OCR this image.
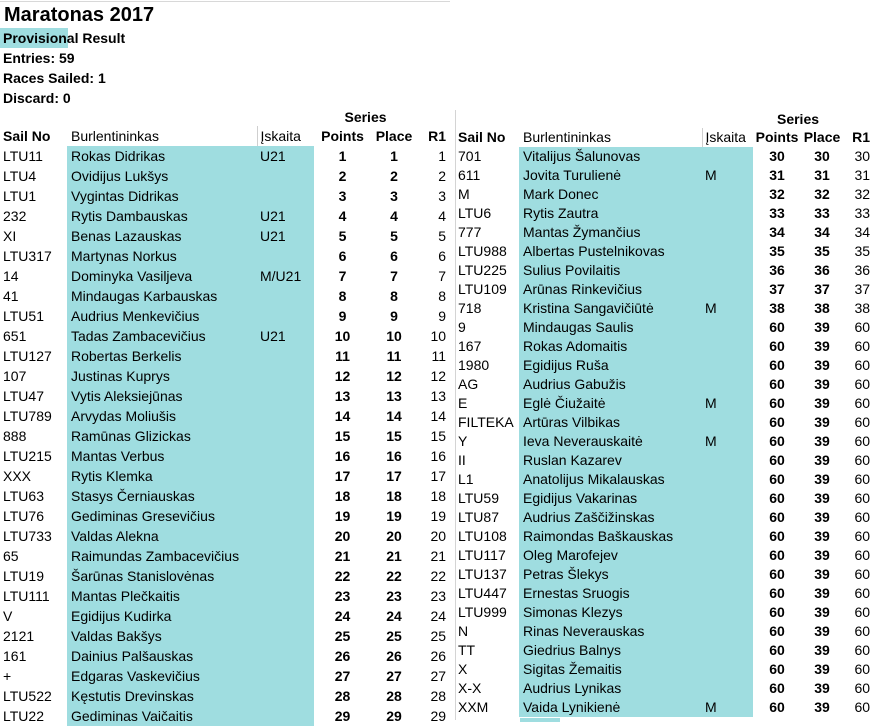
Maratonas 2017
Provisional Result
Entries: 59
Races Sailed: 1
Discard: 0
			Series		
Sail No	Burlentininkas	Įskaita	Points	Place	R1
LTU11	Rokas Didrikas	U21	1	1	1
LTU4	Ovidijus Lukšys		2	2	2
LTU1	Vygintas Didrikas		3	3	3
232	Rytis Dambauskas	U21	4	4	4
XI	Benas Lazauskas	U21	5	5	5
LTU317	Martynas Norkus		6	6	6
14	Dominyka Vasiljeva	M/U21	7	7	7
41	Mindaugas Karbauskas		8	8	8
LTU51	Audrius Menkevičius		9	9	9
651	Tadas Zambacevičius	U21	10	10	10
LTU127	Robertas Berkelis		11	11	11
107	Justinas Kuprys		12	12	12
LTU47	Vytis Aleksiejūnas		13	13	13
LTU789	Arvydas Moliušis		14	14	14
888	Ramūnas Glizickas		15	15	15
LTU215	Mantas Verbus		16	16	16
XXX	Rytis Klemka		17	17	17
LTU63	Stasys Černiauskas		18	18	18
LTU76	Gediminas Gresevičius		19	19	19
LTU733	Valdas Alekna		20	20	20
65	Raimundas Zambacevičius		21	21	21
LTU19	Šarūnas Stanislovėnas		22	22	22
LTU111	Mantas Plečkaitis		23	23	23
V	Egidijus Kudirka		24	24	24
2121	Valdas Bakšys		25	25	25
161	Dainius Palšauskas		26	26	26
+	Edgaras Vaskevičius		27	27	27
LTU522	Kęstutis Drevinskas		28	28	28
LTU22	Gediminas Vaičaitis		29	29	29
			Series		
Sail No	Burlentininkas	Įskaita	Points	Place	R1
701	Vitalijus Šalunovas		30	30	30
611	Jovita Turulienė	M	31	31	31
M	Mark Donec		32	32	32
LTU6	Rytis Zautra		33	33	33
777	Mantas Žymančius		34	34	34
LTU988	Albertas Pustelnikovas		35	35	35
LTU225	Sulius Povilaitis		36	36	36
LTU109	Arūnas Rinkevičius		37	37	37
718	Kristina Sangavičiūtė	M	38	38	38
9	Mindaugas Saulis		60	39	60
167	Rokas Adomaitis		60	39	60
1980	Egidijus Ruša		60	39	60
AG	Audrius Gabužis		60	39	60
E	Eglė Čiužaitė	M	60	39	60
FILTEKA	Artūras Vilbikas		60	39	60
Y	Ieva Neverauskaitė	M	60	39	60
II	Ruslan Kazarev		60	39	60
L1	Anatolijus Mikalauskas		60	39	60
LTU59	Egidijus Vakarinas		60	39	60
LTU87	Audrius Zaščižinskas		60	39	60
LTU108	Raimondas Baškauskas		60	39	60
LTU117	Oleg Marofejev		60	39	60
LTU137	Petras Šlekys		60	39	60
LTU447	Ernestas Sruogis		60	39	60
LTU999	Simonas Klezys		60	39	60
N	Rinas Neverauskas		60	39	60
TT	Giedrius Balnys		60	39	60
X	Sigitas Žemaitis		60	39	60
X-X	Audrius Lynikas		60	39	60
XXM	Vaida Lynikienė	M	60	39	60
